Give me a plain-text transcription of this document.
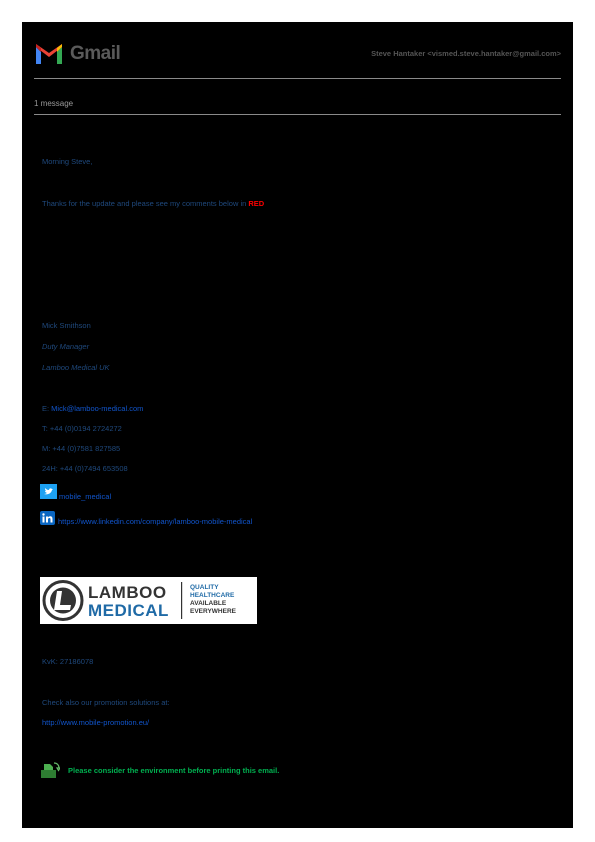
Gmail	Steve Hantaker <vismed.steve.hantaker@gmail.com>
1 message
Morning Steve,
Thanks for the update and please see my comments below in RED
Mick Smithson
Duty Manager
Lamboo Medical UK
E: Mick@lamboo-medical.com
T: +44 (0)0194 2724272
M: +44 (0)7581 827585
24H: +44 (0)7494 653508
mobile_medical
https://www.linkedin.com/company/lamboo-mobile-medical
LAMBOO
MEDICAL
QUALITY
HEALTHCARE
AVAILABLE
EVERYWHERE
KvK: 27186078
Check also our promotion solutions at:
http://www.mobile-promotion.eu/
Please consider the environment before printing this email.
